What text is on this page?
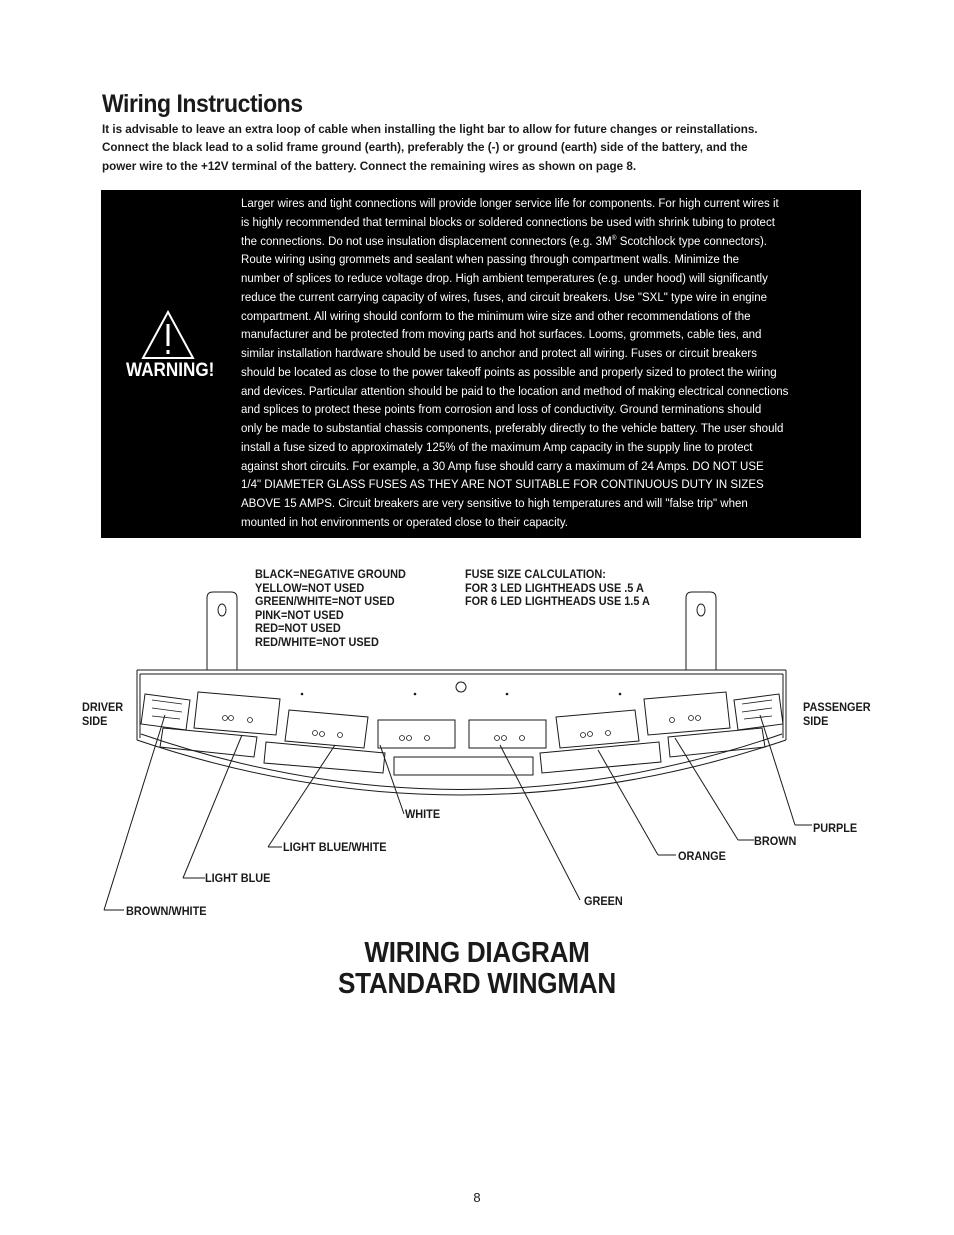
Wiring Instructions
It is advisable to leave an extra loop of cable when installing the light bar to allow for future changes or reinstallations.
Connect the black lead to a solid frame ground (earth), preferably the (-) or ground (earth) side of the battery, and the
power wire to the +12V terminal of the battery. Connect the remaining wires as shown on page 8.
WARNING!
Larger wires and tight connections will provide longer service life for components. For high current wires it
is highly recommended that terminal blocks or soldered connections be used with shrink tubing to protect
the connections. Do not use insulation displacement connectors (e.g. 3M® Scotchlock type connectors).
Route wiring using grommets and sealant when passing through compartment walls. Minimize the
number of splices to reduce voltage drop. High ambient temperatures (e.g. under hood) will significantly
reduce the current carrying capacity of wires, fuses, and circuit breakers. Use "SXL" type wire in engine
compartment. All wiring should conform to the minimum wire size and other recommendations of the
manufacturer and be protected from moving parts and hot surfaces. Looms, grommets, cable ties, and
similar installation hardware should be used to anchor and protect all wiring. Fuses or circuit breakers
should be located as close to the power takeoff points as possible and properly sized to protect the wiring
and devices. Particular attention should be paid to the location and method of making electrical connections
and splices to protect these points from corrosion and loss of conductivity. Ground terminations should
only be made to substantial chassis components, preferably directly to the vehicle battery. The user should
install a fuse sized to approximately 125% of the maximum Amp capacity in the supply line to protect
against short circuits. For example, a 30 Amp fuse should carry a maximum of 24 Amps. DO NOT USE
1/4" DIAMETER GLASS FUSES AS THEY ARE NOT SUITABLE FOR CONTINUOUS DUTY IN SIZES
ABOVE 15 AMPS. Circuit breakers are very sensitive to high temperatures and will "false trip" when
mounted in hot environments or operated close to their capacity.
BLACK=NEGATIVE GROUND
YELLOW=NOT USED
GREEN/WHITE=NOT USED
PINK=NOT USED
RED=NOT USED
RED/WHITE=NOT USED
FUSE SIZE CALCULATION:
FOR 3 LED LIGHTHEADS USE .5 A
FOR 6 LED LIGHTHEADS USE 1.5 A
DRIVER
SIDE
PASSENGER
SIDE
WHITE
LIGHT BLUE/WHITE
LIGHT BLUE
BROWN/WHITE
GREEN
ORANGE
BROWN
PURPLE
WIRING DIAGRAM
STANDARD WINGMAN
8
